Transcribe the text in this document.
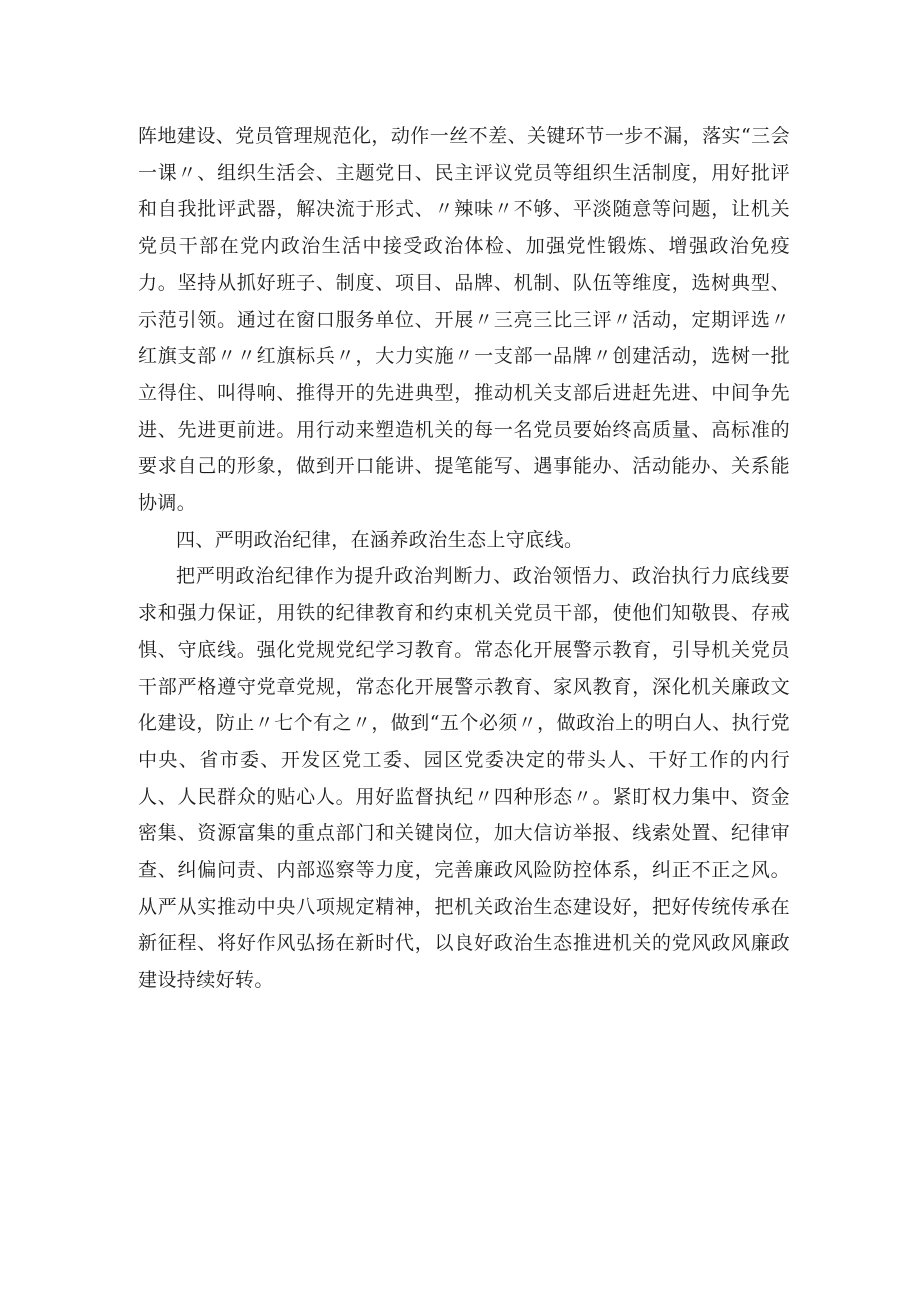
阵地建设、党员管理规范化，动作一丝不差、关键环节一步不漏，落实“三会一课〃、组织生活会、主题党日、民主评议党员等组织生活制度，用好批评和自我批评武器，解决流于形式、〃辣味〃不够、平淡随意等问题，让机关党员干部在党内政治生活中接受政治体检、加强党性锻炼、增强政治免疫力。坚持从抓好班子、制度、项目、品牌、机制、队伍等维度，选树典型、示范引领。通过在窗口服务单位、开展〃三亮三比三评〃活动，定期评选〃红旗支部〃〃红旗标兵〃，大力实施〃一支部一品牌〃创建活动，选树一批立得住、叫得响、推得开的先进典型，推动机关支部后进赶先进、中间争先进、先进更前进。用行动来塑造机关的每一名党员要始终高质量、高标准的要求自己的形象，做到开口能讲、提笔能写、遇事能办、活动能办、关系能协调。

四、严明政治纪律，在涵养政治生态上守底线。

把严明政治纪律作为提升政治判断力、政治领悟力、政治执行力底线要求和强力保证，用铁的纪律教育和约束机关党员干部，使他们知敬畏、存戒惧、守底线。强化党规党纪学习教育。常态化开展警示教育，引导机关党员干部严格遵守党章党规，常态化开展警示教育、家风教育，深化机关廉政文化建设，防止〃七个有之〃，做到“五个必须〃，做政治上的明白人、执行党中央、省市委、开发区党工委、园区党委决定的带头人、干好工作的内行人、人民群众的贴心人。用好监督执纪〃四种形态〃。紧盯权力集中、资金密集、资源富集的重点部门和关键岗位，加大信访举报、线索处置、纪律审查、纠偏问责、内部巡察等力度，完善廉政风险防控体系，纠正不正之风。从严从实推动中央八项规定精神，把机关政治生态建设好，把好传统传承在新征程、将好作风弘扬在新时代，以良好政治生态推进机关的党风政风廉政建设持续好转。
